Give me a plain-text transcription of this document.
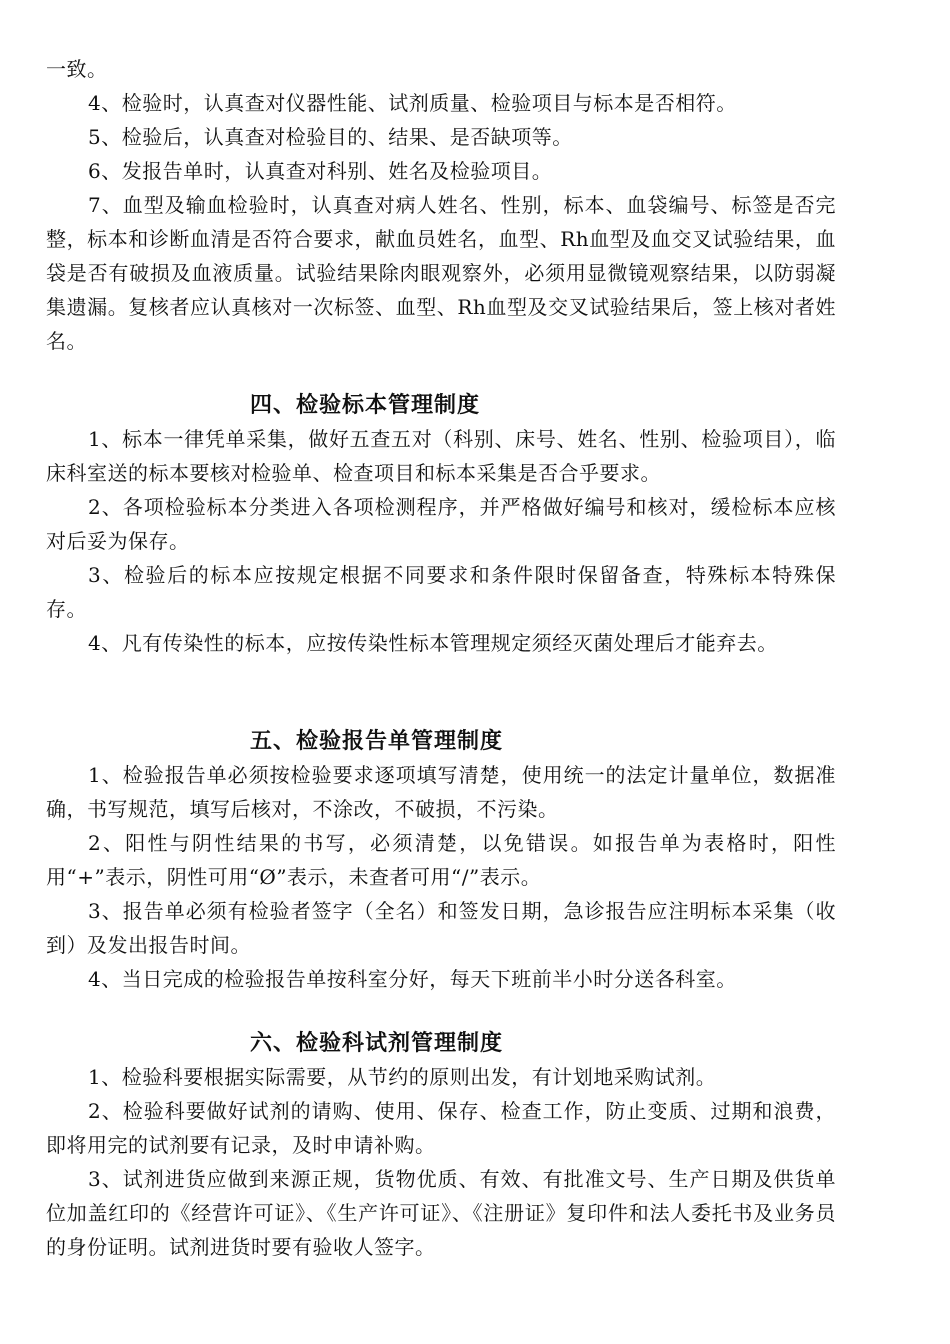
一致。

4、检验时，认真查对仪器性能、试剂质量、检验项目与标本是否相符。

5、检验后，认真查对检验目的、结果、是否缺项等。

6、发报告单时，认真查对科别、姓名及检验项目。

7、血型及输血检验时，认真查对病人姓名、性别，标本、血袋编号、标签是否完整，标本和诊断血清是否符合要求，献血员姓名，血型、Rh血型及血交叉试验结果，血袋是否有破损及血液质量。试验结果除肉眼观察外，必须用显微镜观察结果，以防弱凝集遗漏。复核者应认真核对一次标签、血型、Rh血型及交叉试验结果后，签上核对者姓名。

四、检验标本管理制度

1、标本一律凭单采集，做好五查五对（科别、床号、姓名、性别、检验项目），临床科室送的标本要核对检验单、检查项目和标本采集是否合乎要求。

2、各项检验标本分类进入各项检测程序，并严格做好编号和核对，缓检标本应核对后妥为保存。

3、检验后的标本应按规定根据不同要求和条件限时保留备查，特殊标本特殊保存。

4、凡有传染性的标本，应按传染性标本管理规定须经灭菌处理后才能弃去。

五、检验报告单管理制度

1、检验报告单必须按检验要求逐项填写清楚，使用统一的法定计量单位，数据准确，书写规范，填写后核对，不涂改，不破损，不污染。

2、阳性与阴性结果的书写，必须清楚，以免错误。如报告单为表格时，阳性用“+”表示，阴性可用“Ø”表示，未查者可用“/”表示。

3、报告单必须有检验者签字（全名）和签发日期，急诊报告应注明标本采集（收到）及发出报告时间。

4、当日完成的检验报告单按科室分好，每天下班前半小时分送各科室。

六、检验科试剂管理制度

1、检验科要根据实际需要，从节约的原则出发，有计划地采购试剂。

2、检验科要做好试剂的请购、使用、保存、检查工作，防止变质、过期和浪费，即将用完的试剂要有记录，及时申请补购。

3、试剂进货应做到来源正规，货物优质、有效、有批准文号、生产日期及供货单位加盖红印的《经营许可证》、《生产许可证》、《注册证》复印件和法人委托书及业务员的身份证明。试剂进货时要有验收人签字。
